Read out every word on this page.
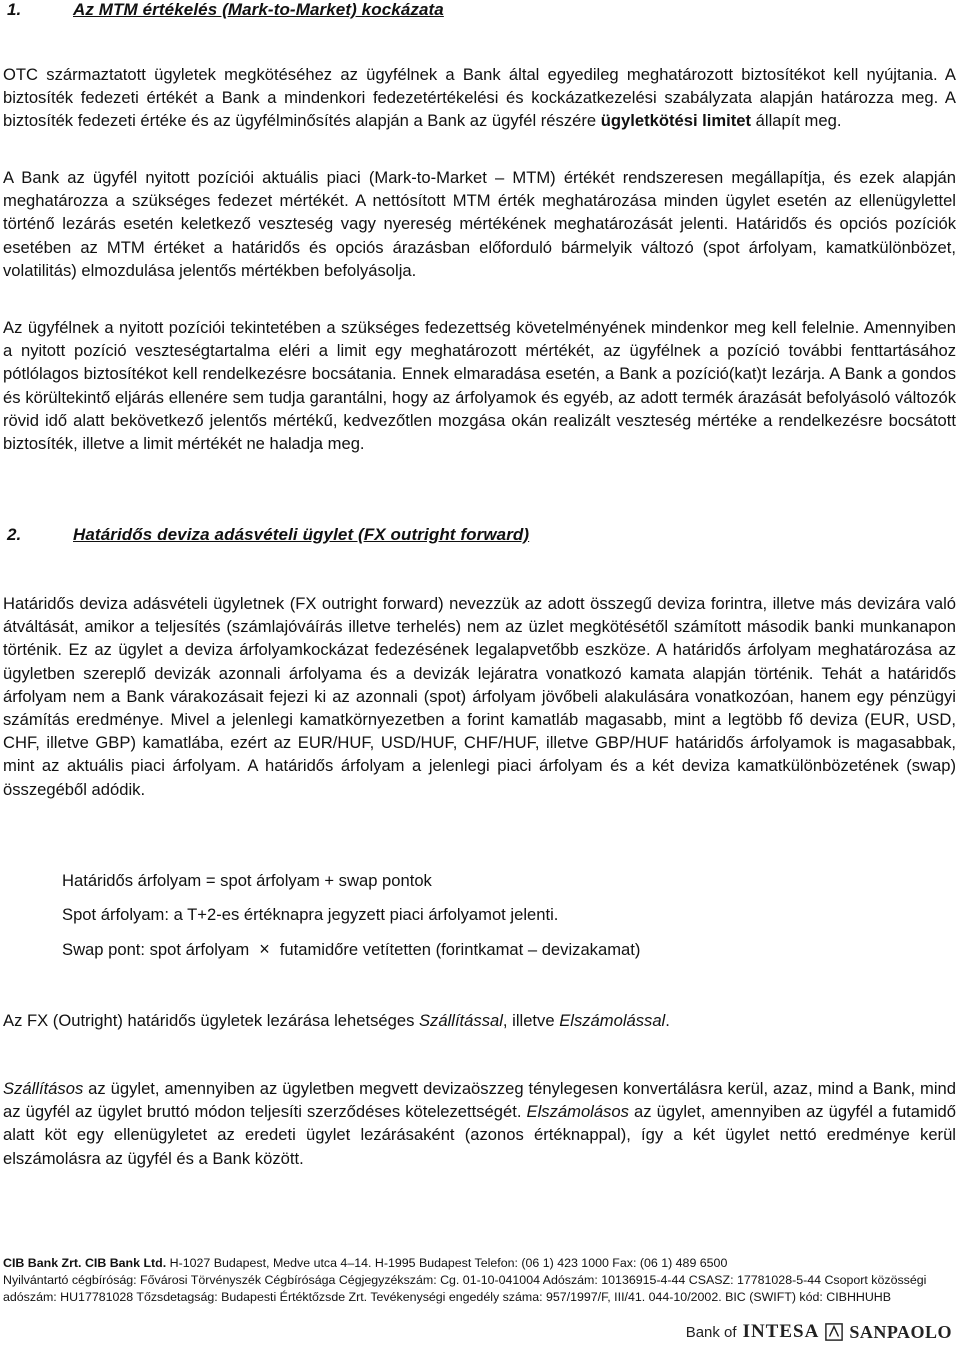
1.	Az MTM értékelés (Mark-to-Market) kockázata

OTC származtatott ügyletek megkötéséhez az ügyfélnek a Bank által egyedileg meghatározott biztosítékot kell nyújtania. A biztosíték fedezeti értékét a Bank a mindenkori fedezetértékelési és kockázatkezelési szabályzata alapján határozza meg. A biztosíték fedezeti értéke és az ügyfélminősítés alapján a Bank az ügyfél részére ügyletkötési limitet állapít meg.

A Bank az ügyfél nyitott pozíciói aktuális piaci (Mark-to-Market – MTM) értékét rendszeresen megállapítja, és ezek alapján meghatározza a szükséges fedezet mértékét. A nettósított MTM érték meghatározása minden ügylet esetén az ellenügylettel történő lezárás esetén keletkező veszteség vagy nyereség mértékének meghatározását jelenti. Határidős és opciós pozíciók esetében az MTM értéket a határidős és opciós árazásban előforduló bármelyik változó (spot árfolyam, kamatkülönbözet, volatilitás) elmozdulása jelentős mértékben befolyásolja.

Az ügyfélnek a nyitott pozíciói tekintetében a szükséges fedezettség követelményének mindenkor meg kell felelnie. Amennyiben a nyitott pozíció veszteségtartalma eléri a limit egy meghatározott mértékét, az ügyfélnek a pozíció további fenttartásához pótlólagos biztosítékot kell rendelkezésre bocsátania. Ennek elmaradása esetén, a Bank a pozíció(kat)t lezárja. A Bank a gondos és körültekintő eljárás ellenére sem tudja garantálni, hogy az árfolyamok és egyéb, az adott termék árazását befolyásoló változók rövid idő alatt bekövetkező jelentős mértékű, kedvezőtlen mozgása okán realizált veszteség mértéke a rendelkezésre bocsátott biztosíték, illetve a limit mértékét ne haladja meg.

2.	Határidős deviza adásvételi ügylet (FX outright forward)

Határidős deviza adásvételi ügyletnek (FX outright forward) nevezzük az adott összegű deviza forintra, illetve más devizára való átváltását, amikor a teljesítés (számlajóváírás illetve terhelés) nem az üzlet megkötésétől számított második banki munkanapon történik. Ez az ügylet a deviza árfolyamkockázat fedezésének legalapvetőbb eszköze. A határidős árfolyam meghatározása az ügyletben szereplő devizák azonnali árfolyama és a devizák lejáratra vonatkozó kamata alapján történik. Tehát a határidős árfolyam nem a Bank várakozásait fejezi ki az azonnali (spot) árfolyam jövőbeli alakulására vonatkozóan, hanem egy pénzügyi számítás eredménye. Mivel a jelenlegi kamatkörnyezetben a forint kamatláb magasabb, mint a legtöbb fő deviza (EUR, USD, CHF, illetve GBP) kamatlába, ezért az EUR/HUF, USD/HUF, CHF/HUF, illetve GBP/HUF határidős árfolyamok is magasabbak, mint az aktuális piaci árfolyam. A határidős árfolyam a jelenlegi piaci árfolyam és a két deviza kamatkülönbözetének (swap) összegéből adódik.

Határidős árfolyam = spot árfolyam + swap pontok
Spot árfolyam: a T+2-es értéknapra jegyzett piaci árfolyamot jelenti.
Swap pont: spot árfolyam × futamidőre vetítetten (forintkamat – devizakamat)

Az FX (Outright) határidős ügyletek lezárása lehetséges Szállítással, illetve Elszámolással.

Szállításos az ügylet, amennyiben az ügyletben megvett devizaöszzeg ténylegesen konvertálásra kerül, azaz, mind a Bank, mind az ügyfél az ügylet bruttó módon teljesíti szerződéses kötelezettségét. Elszámolásos az ügylet, amennyiben az ügyfél a futamidő alatt köt egy ellenügyletet az eredeti ügylet lezárásaként (azonos értéknappal), így a két ügylet nettó eredménye kerül elszámolásra az ügyfél és a Bank között.

CIB Bank Zrt. CIB Bank Ltd. H-1027 Budapest, Medve utca 4–14. H-1995 Budapest Telefon: (06 1) 423 1000 Fax: (06 1) 489 6500
Nyilvántartó cégbíróság: Fővárosi Törvényszék Cégbírósága Cégjegyzékszám: Cg. 01-10-041004 Adószám: 10136915-4-44 CSASZ: 17781028-5-44 Csoport közösségi adószám: HU17781028 Tőzsdetagság: Budapesti Értéktőzsde Zrt. Tevékenységi engedély száma: 957/1997/F, III/41. 044-10/2002. BIC (SWIFT) kód: CIBHHUHB

Bank of INTESA SANPAOLO
